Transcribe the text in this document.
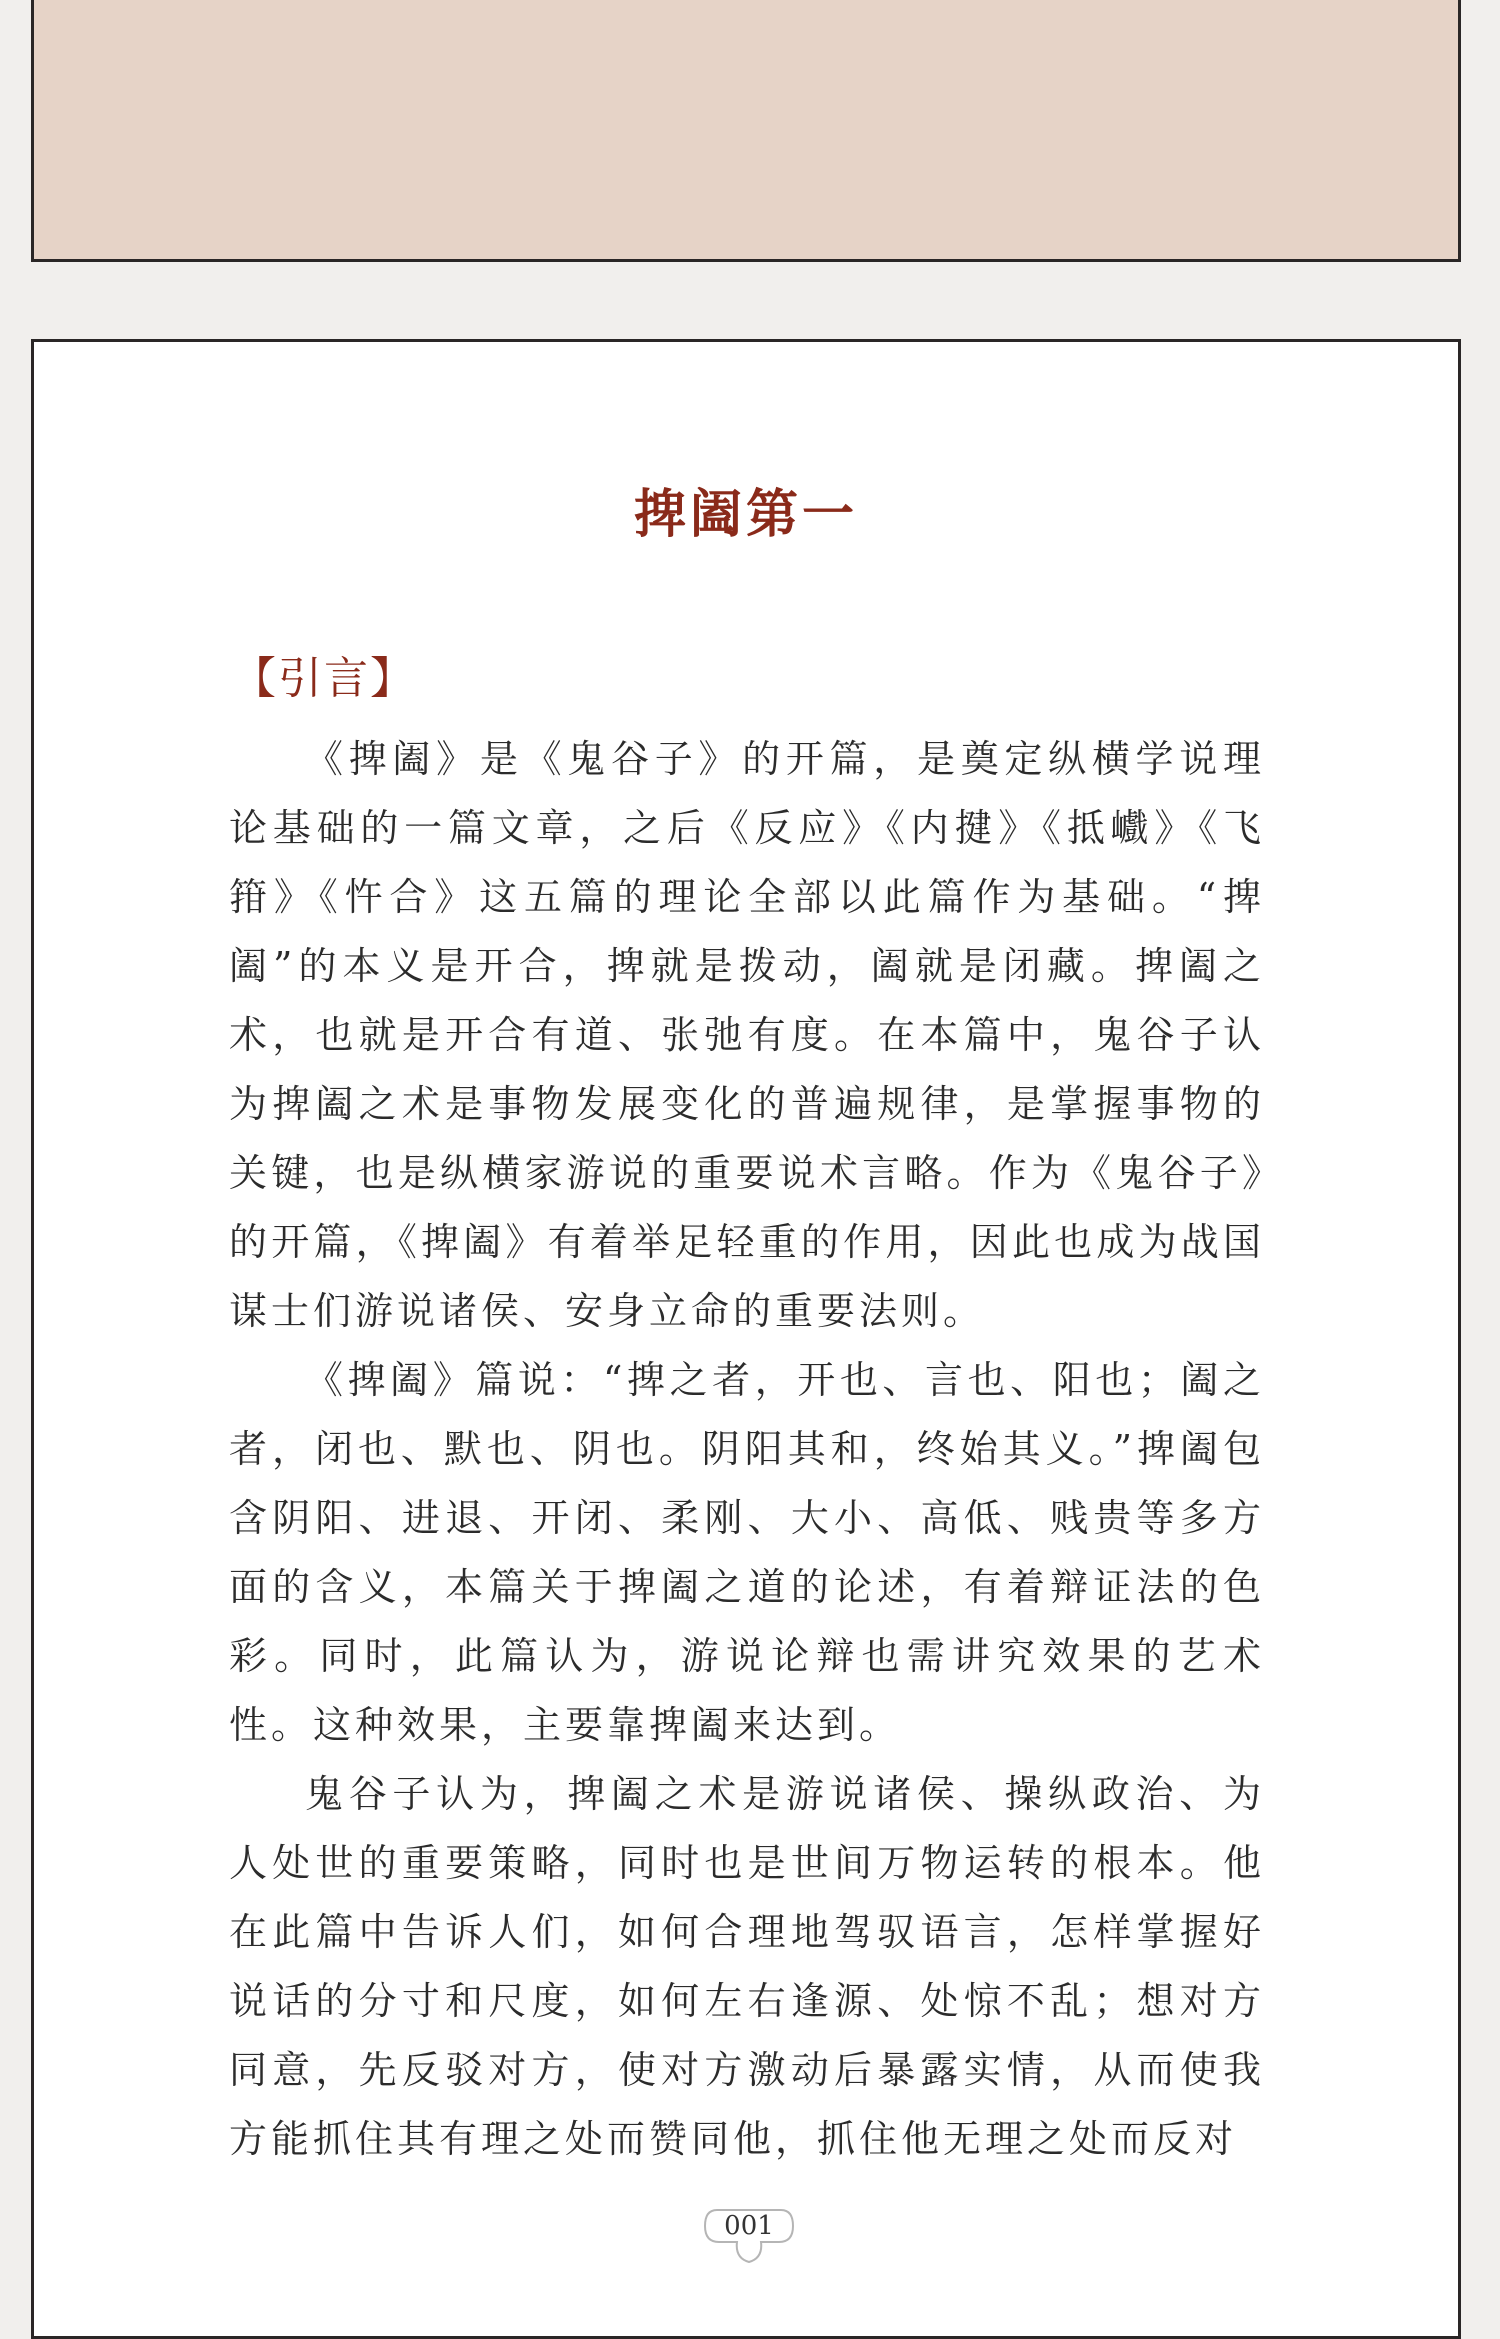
捭阖第一
【引言】

《捭阖》是《鬼谷子》的开篇，是奠定纵横学说理论基础的一篇文章，之后《反应》《内揵》《抵巇》《飞箝》《忤合》这五篇的理论全部以此篇作为基础。“捭阖”的本义是开合，捭就是拨动，阖就是闭藏。捭阖之术，也就是开合有道、张弛有度。在本篇中，鬼谷子认为捭阖之术是事物发展变化的普遍规律，是掌握事物的关键，也是纵横家游说的重要说术言略。作为《鬼谷子》的开篇，《捭阖》有着举足轻重的作用，因此也成为战国谋士们游说诸侯、安身立命的重要法则。

《捭阖》篇说：“捭之者，开也、言也、阳也；阖之者，闭也、默也、阴也。阴阳其和，终始其义。”捭阖包含阴阳、进退、开闭、柔刚、大小、高低、贱贵等多方面的含义，本篇关于捭阖之道的论述，有着辩证法的色彩。同时，此篇认为，游说论辩也需讲究效果的艺术性。这种效果，主要靠捭阖来达到。

鬼谷子认为，捭阖之术是游说诸侯、操纵政治、为人处世的重要策略，同时也是世间万物运转的根本。他在此篇中告诉人们，如何合理地驾驭语言，怎样掌握好说话的分寸和尺度，如何左右逢源、处惊不乱；想对方同意，先反驳对方，使对方激动后暴露实情，从而使我方能抓住其有理之处而赞同他，抓住他无理之处而反对

001
